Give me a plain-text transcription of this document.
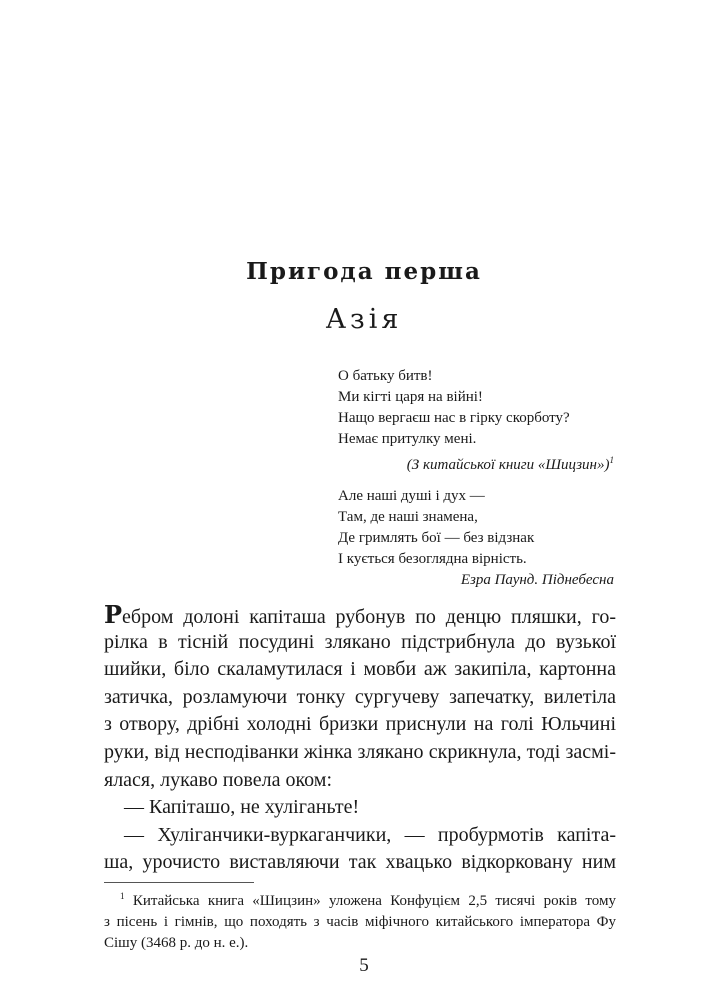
Пригода перша
Азія
О батьку битв!
Ми кігті царя на війні!
Нащо вергаєш нас в гірку скорботу?
Немає притулку мені.
(З китайської книги «Шицзин»)$^1$
Але наші душі і дух —
Там, де наші знамена,
Де гримлять бої — без відзнак
І кується безоглядна вірність.
Езра Паунд. Піднебесна
Ребром долоні капіташа рубонув по денцю пляшки, го-
рілка в тісній посудині злякано підстрибнула до вузької
шийки, біло скаламутилася і мовби аж закипіла, картонна
затичка, розламуючи тонку сургучеву запечатку, вилетіла
з отвору, дрібні холодні бризки приснули на голі Юльчині
руки, від несподіванки жінка злякано скрикнула, тоді засмі-
ялася, лукаво повела оком:
— Капіташо, не хуліганьте!
— Хуліганчики-вуркаганчики, — пробурмотів капіта-
ша, урочисто виставляючи так хвацько відкорковану ним
$^1$ Китайська книга «Шицзин» уложена Конфуцієм 2,5 тисячі років тому
з пісень і гімнів, що походять з часів міфічного китайського імператора Фу
Сішу (3468 р. до н. е.).
5
